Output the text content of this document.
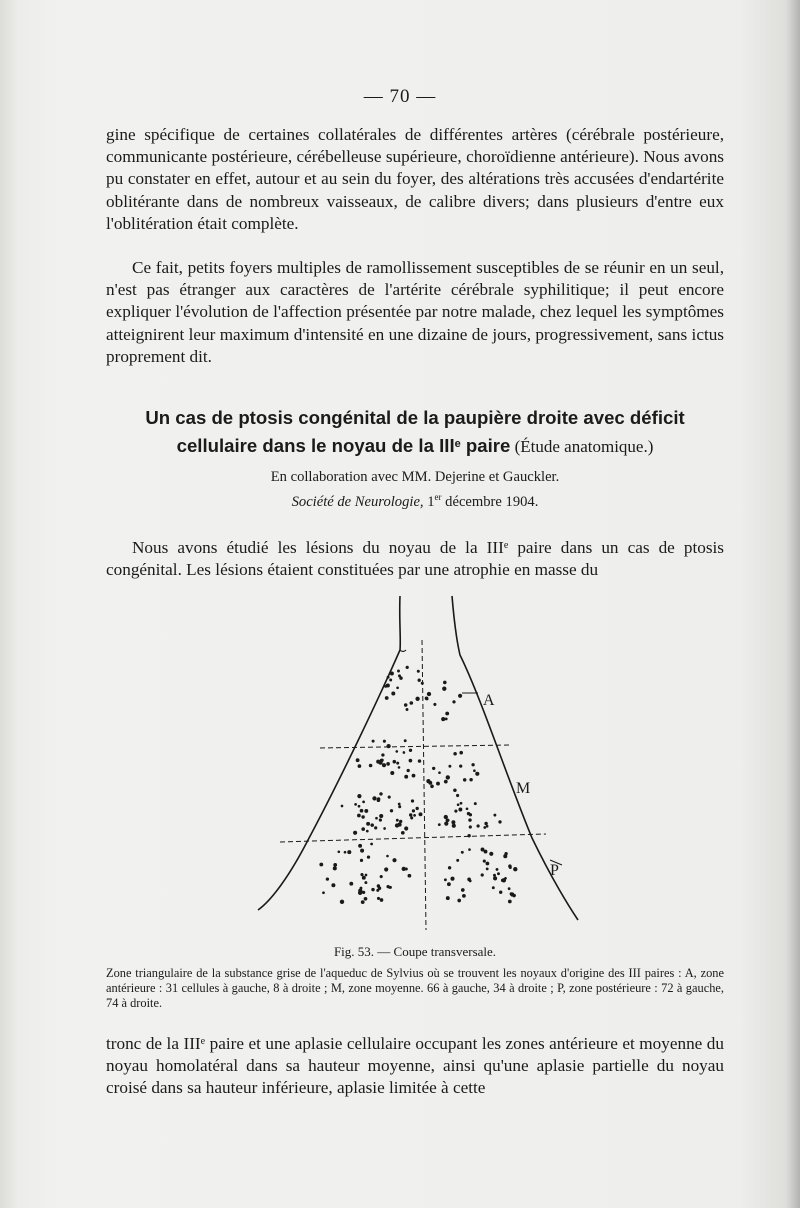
— 70 —

gine spécifique de certaines collatérales de différentes artères (cérébrale postérieure, communicante postérieure, cérébelleuse supérieure, choroïdienne antérieure). Nous avons pu constater en effet, autour et au sein du foyer, des altérations très accusées d'endartérite oblitérante dans de nombreux vaisseaux, de calibre divers; dans plusieurs d'entre eux l'oblitération était complète.

Ce fait, petits foyers multiples de ramollissement susceptibles de se réunir en un seul, n'est pas étranger aux caractères de l'artérite cérébrale syphilitique; il peut encore expliquer l'évolution de l'affection présentée par notre malade, chez lequel les symptômes atteignirent leur maximum d'intensité en une dizaine de jours, progressivement, sans ictus proprement dit.

Un cas de ptosis congénital de la paupière droite avec déficit cellulaire dans le noyau de la IIIe paire (Étude anatomique.)
En collaboration avec MM. Dejerine et Gauckler.
Société de Neurologie, 1er décembre 1904.

Nous avons étudié les lésions du noyau de la IIIe paire dans un cas de ptosis congénital. Les lésions étaient constituées par une atrophie en masse du

A
M
P
Fig. 53. — Coupe transversale.

Zone triangulaire de la substance grise de l'aqueduc de Sylvius où se trouvent les noyaux d'origine des III paires : A, zone antérieure : 31 cellules à gauche, 8 à droite ; M, zone moyenne. 66 à gauche, 34 à droite ; P, zone postérieure : 72 à gauche, 74 à droite.

tronc de la IIIe paire et une aplasie cellulaire occupant les zones antérieure et moyenne du noyau homolatéral dans sa hauteur moyenne, ainsi qu'une aplasie partielle du noyau croisé dans sa hauteur inférieure, aplasie limitée à cette
